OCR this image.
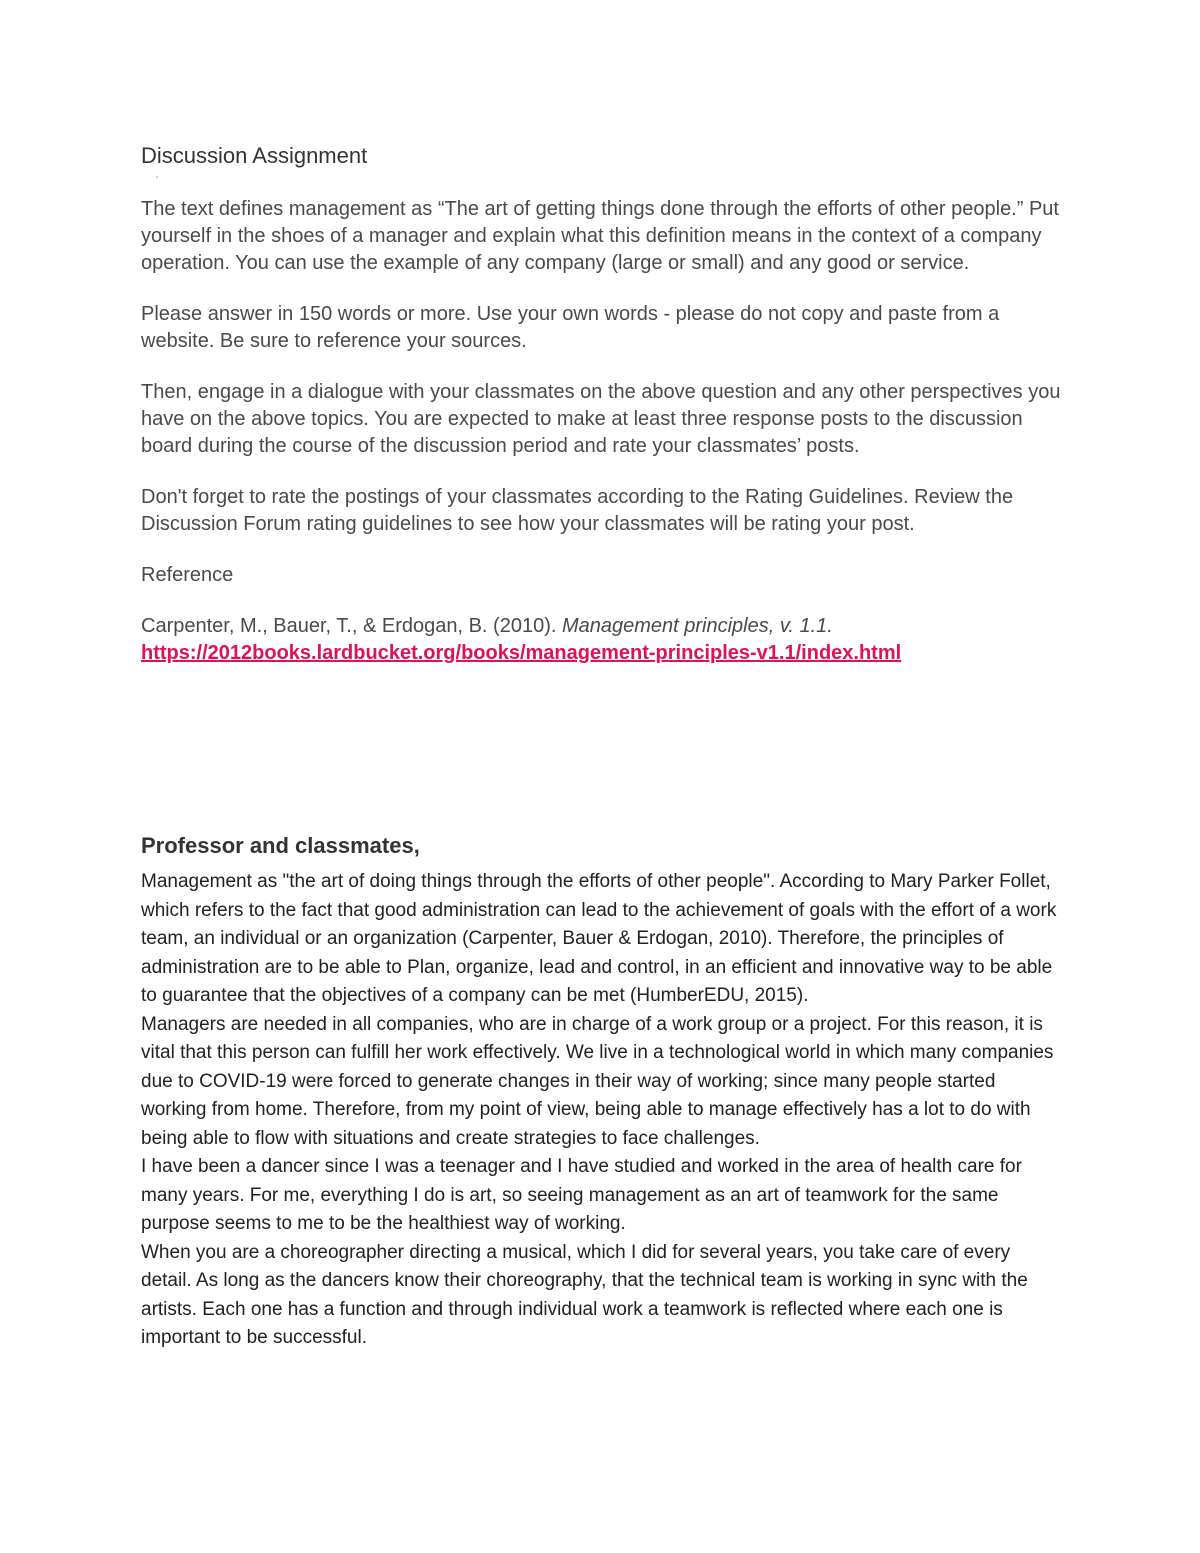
Discussion Assignment
'

The text defines management as “The art of getting things done through the efforts of other people.” Put yourself in the shoes of a manager and explain what this definition means in the context of a company operation. You can use the example of any company (large or small) and any good or service.

Please answer in 150 words or more. Use your own words - please do not copy and paste from a website. Be sure to reference your sources.

Then, engage in a dialogue with your classmates on the above question and any other perspectives you have on the above topics. You are expected to make at least three response posts to the discussion board during the course of the discussion period and rate your classmates’ posts.

Don't forget to rate the postings of your classmates according to the Rating Guidelines. Review the Discussion Forum rating guidelines to see how your classmates will be rating your post.

Reference

Carpenter, M., Bauer, T., & Erdogan, B. (2010). Management principles, v. 1.1.

https://2012books.lardbucket.org/books/management-principles-v1.1/index.html
Professor and classmates,

Management as "the art of doing things through the efforts of other people". According to Mary Parker Follet, which refers to the fact that good administration can lead to the achievement of goals with the effort of a work team, an individual or an organization (Carpenter, Bauer & Erdogan, 2010). Therefore, the principles of administration are to be able to Plan, organize, lead and control, in an efficient and innovative way to be able to guarantee that the objectives of a company can be met (HumberEDU, 2015).

Managers are needed in all companies, who are in charge of a work group or a project. For this reason, it is vital that this person can fulfill her work effectively. We live in a technological world in which many companies due to COVID-19 were forced to generate changes in their way of working; since many people started working from home. Therefore, from my point of view, being able to manage effectively has a lot to do with being able to flow with situations and create strategies to face challenges.

I have been a dancer since I was a teenager and I have studied and worked in the area of health care for many years. For me, everything I do is art, so seeing management as an art of teamwork for the same purpose seems to me to be the healthiest way of working.

When you are a choreographer directing a musical, which I did for several years, you take care of every detail. As long as the dancers know their choreography, that the technical team is working in sync with the artists. Each one has a function and through individual work a teamwork is reflected where each one is important to be successful.
